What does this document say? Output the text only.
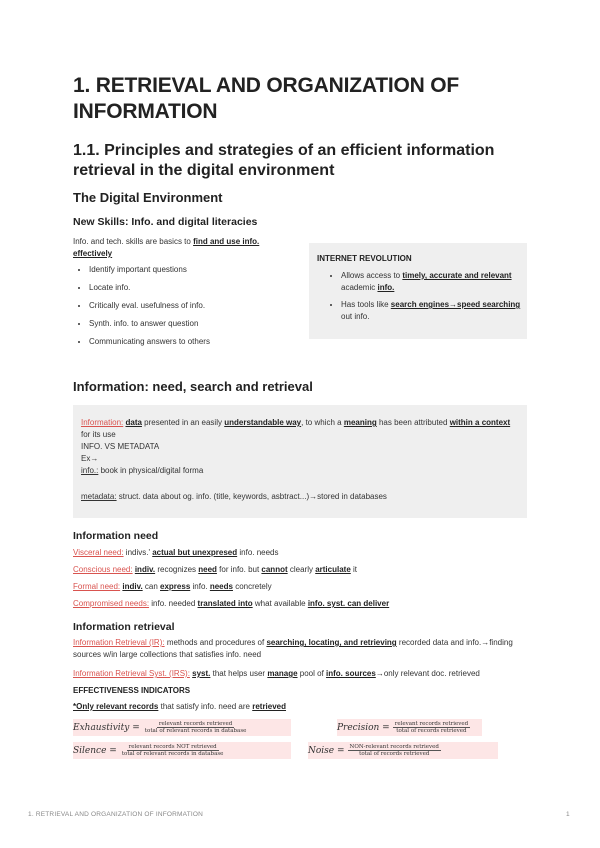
1. RETRIEVAL AND ORGANIZATION OF INFORMATION
1.1. Principles and strategies of an efficient information retrieval in the digital environment
The Digital Environment
New Skills: Info. and digital literacies
Info. and tech. skills are basics to find and use info. effectively
• Identify important questions
• Locate info.
• Critically eval. usefulness of info.
• Synth. info. to answer question
• Communicating answers to others
INTERNET REVOLUTION
• Allows access to timely, accurate and relevant academic info.
• Has tools like search engines→speed searching out info.
Information: need, search and retrieval
Information: data presented in an easily understandable way, to which a meaning has been attributed within a context for its use
INFO. VS METADATA
Ex→
info.: book in physical/digital forma
metadata: struct. data about og. info. (title, keywords, asbtract...)→stored in databases
Information need
Visceral need: indivs.' actual but unexpresed info. needs
Conscious need: indiv. recognizes need for info. but cannot clearly articulate it
Formal need: indiv. can express info. needs concretely
Compromised needs: info. needed translated into what available info. syst. can deliver
Information retrieval
Information Retrieval (IR): methods and procedures of searching, locating, and retrieving recorded data and info.→finding sources w/in large collections that satisfies info. need
Information Retrieval Syst. (IRS): syst. that helps user manage pool of info. sources→only relevant doc. retrieved
EFFECTIVENESS INDICATORS
*Only relevant records that satisfy info. need are retrieved
Exhaustivity = $\frac{\text{relevant records retrieved}}{\text{total of relevant records in database}}$	Precision = $\frac{\text{relevant records retrieved}}{\text{total of records retrieved}}$
Silence = $\frac{\text{relevant records NOT retrieved}}{\text{total of relevant records in database}}$	Noise = $\frac{\text{NON-relevant records retrieved}}{\text{total of records retrieved}}$
1. RETRIEVAL AND ORGANIZATION OF INFORMATION	1
